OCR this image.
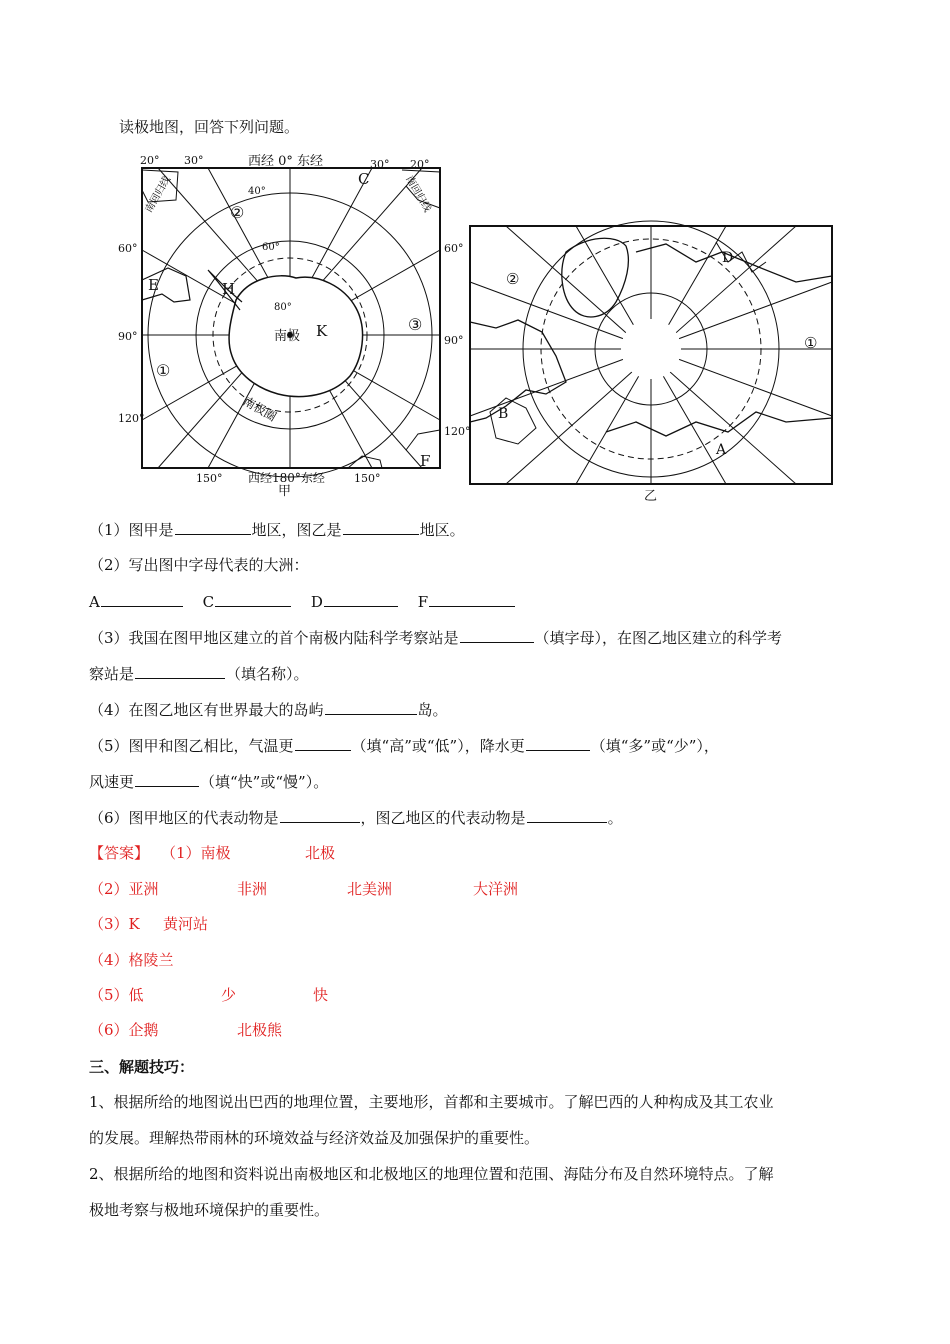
读极地图，回答下列问题。
西经 0° 东经
西经180°东经
甲
20° 30°	30° 20°
60°	60°
90°	90°
120°
120°
150°	150°
40°
60°
80°
南极
南极圈
南回归线	南回归线
C
E	H
K
F
②
①
③
D
B
A
②
①
乙
（1）图甲是	地区，图乙是	地区。
（2）写出图中字母代表的大洲：
A	C	D	F
（3）我国在图甲地区建立的首个南极内陆科学考察站是	（填字母），在图乙地区建立的科学考
察站是	（填名称）。
（4）在图乙地区有世界最大的岛屿	岛。
（5）图甲和图乙相比，气温更	（填“高”或“低”），降水更	（填“多”或“少”），
风速更	（填“快”或“慢”）。
（6）图甲地区的代表动物是	，图乙地区的代表动物是	。
【答案】 （1）南极	北极
（2）亚洲	非洲	北美洲	大洋洲
（3）K 黄河站
（4）格陵兰
（5）低	少	快
（6）企鹅	北极熊
三、解题技巧：
1、根据所给的地图说出巴西的地理位置，主要地形，首都和主要城市。了解巴西的人种构成及其工农业
的发展。理解热带雨林的环境效益与经济效益及加强保护的重要性。
2、根据所给的地图和资料说出南极地区和北极地区的地理位置和范围、海陆分布及自然环境特点。了解
极地考察与极地环境保护的重要性。
